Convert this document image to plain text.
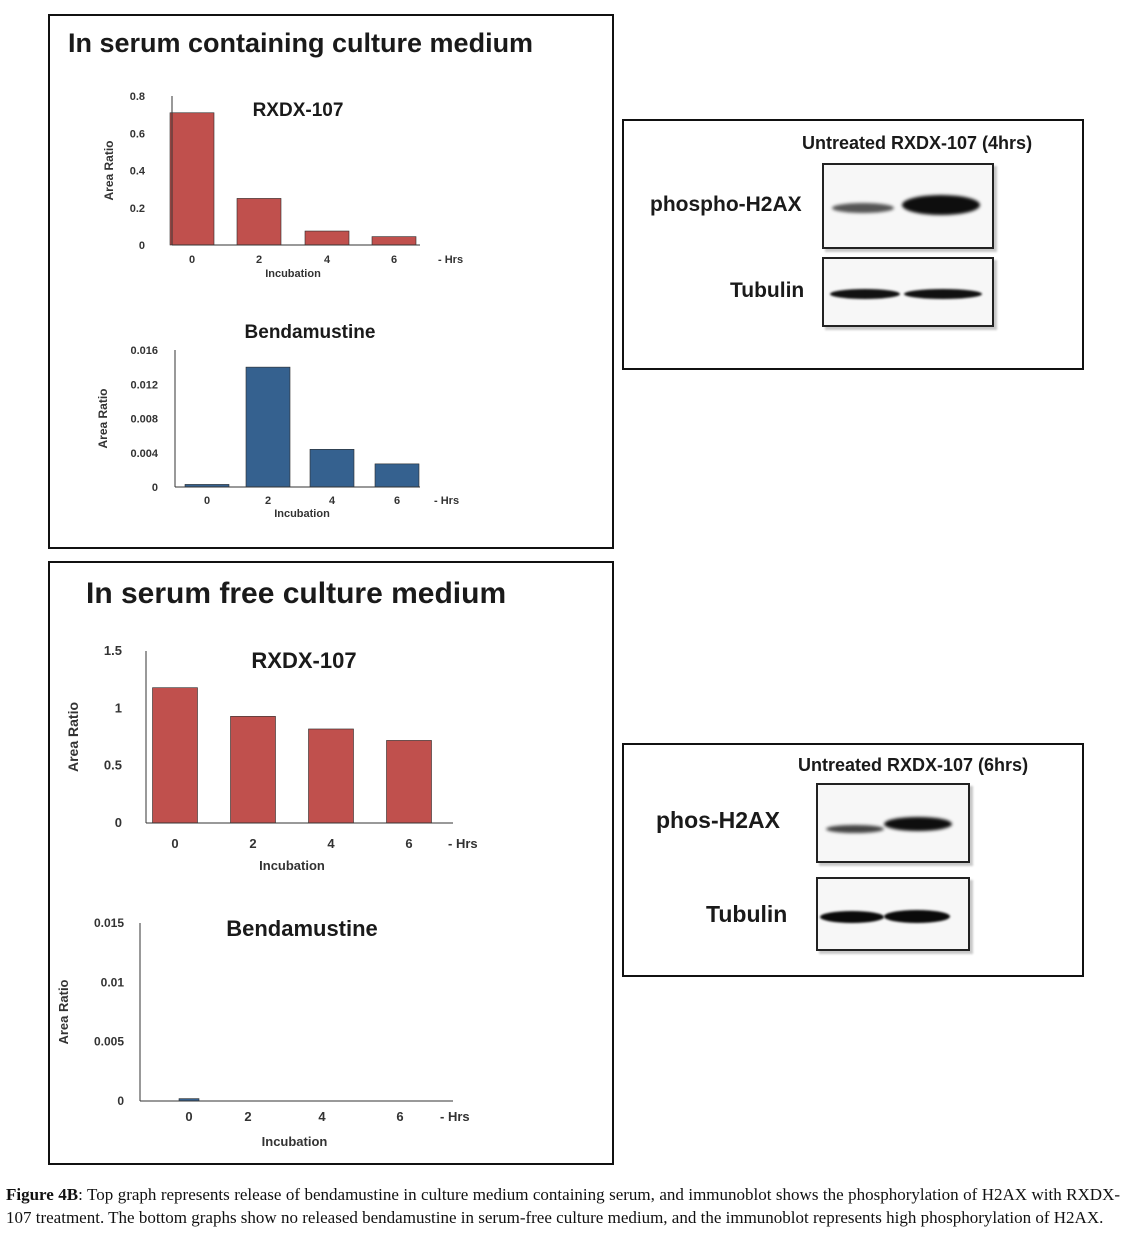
In serum containing culture medium
In serum free culture medium
0
0.2
0.4
0.6
0.8
0	2	4	6	- Hrs
RXDX-107
Incubation
Area Ratio
0
0.004
0.008
0.012
0.016
0	2	4	6	- Hrs
Bendamustine
Incubation
Area Ratio
0
0.5
1
1.5
0	2	4	6	- Hrs
RXDX-107
Incubation
Area Ratio
0
0.005
0.01
0.015
0	2	4	6	- Hrs
Bendamustine
Incubation
Area Ratio
Untreated RXDX-107 (4hrs)
phospho-H2AX
Tubulin
Untreated RXDX-107 (6hrs)
phos-H2AX
Tubulin
Figure 4B: Top graph represents release of bendamustine in culture medium containing serum, and immunoblot shows the phosphorylation of H2AX with RXDX-107 treatment. The bottom graphs show no released bendamustine in serum-free culture medium, and the immunoblot represents high phosphorylation of H2AX.
